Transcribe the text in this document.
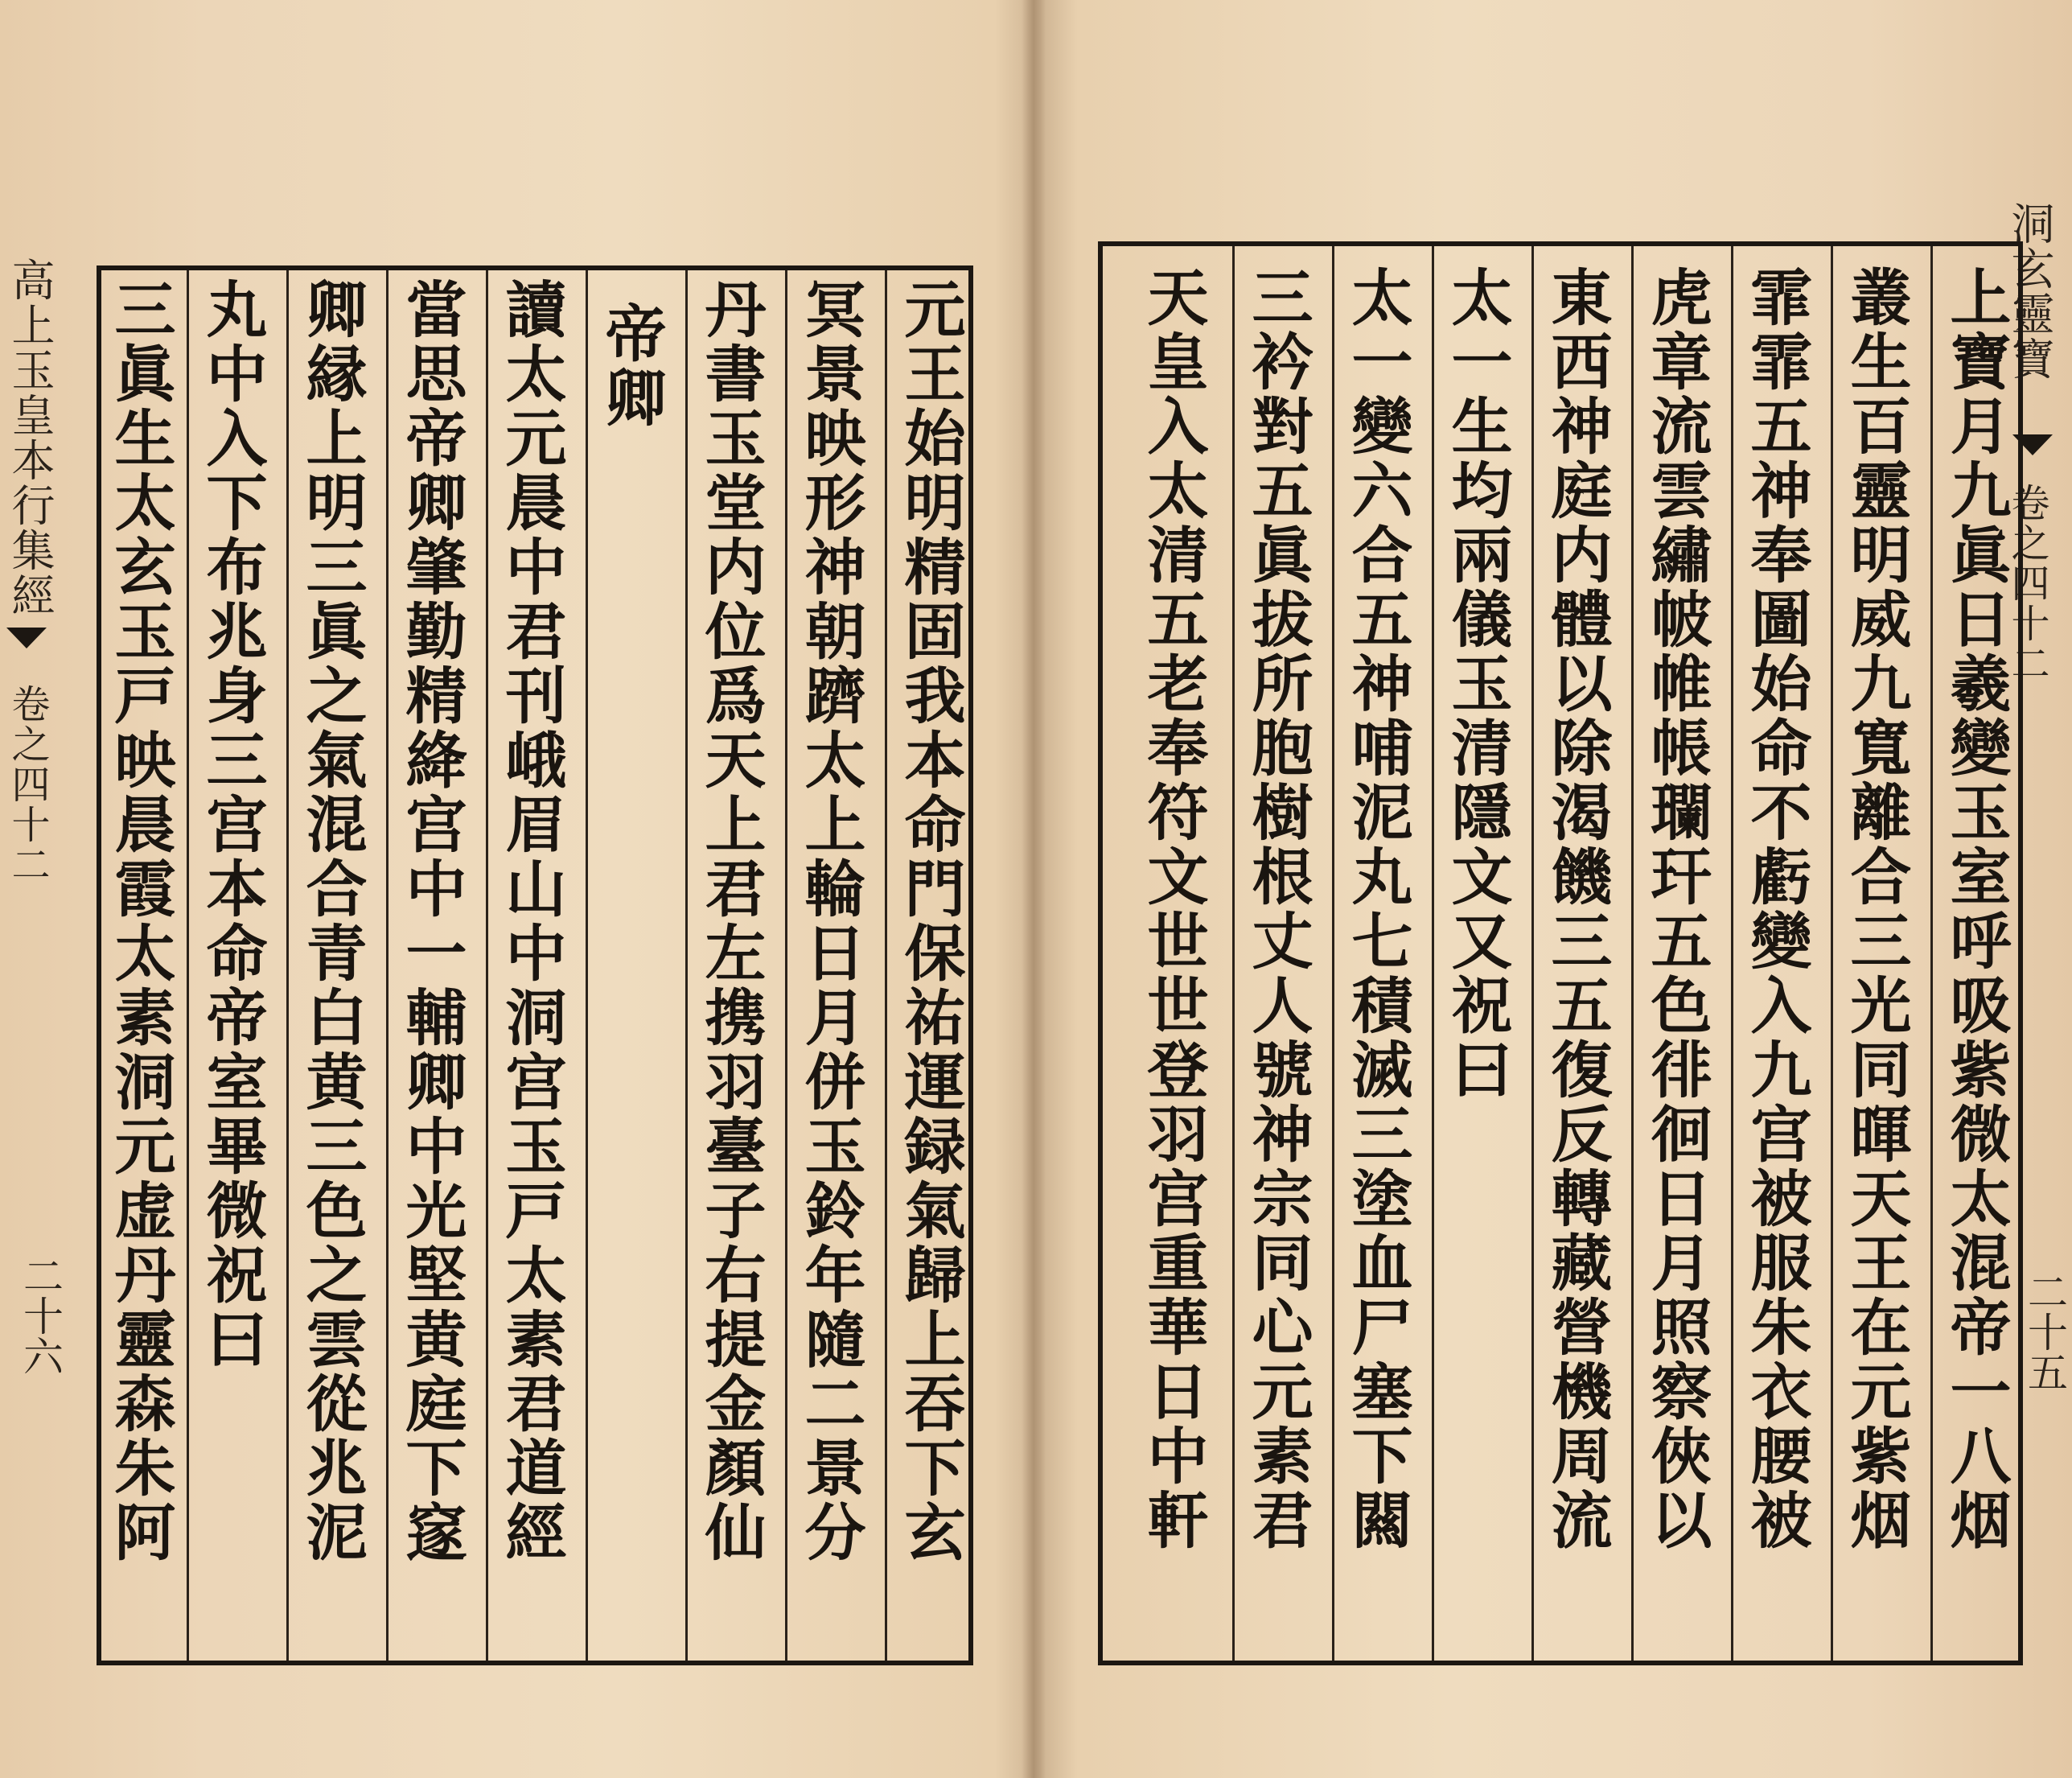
高上玉皇本行集經
卷之四十二
二十六	元王始明精固我本命門保祐運録氣歸上吞下玄
冥景映形神朝躋太上輪日月併玉鈴年隨二景分
丹書玉堂内位爲天上君左携羽臺子右提金顏仙
帝卿
讀太元晨中君刊峨眉山中洞宫玉戸太素君道經
當思帝卿肇勤精絳宫中一輔卿中光堅黄庭下䆳
卿縁上明三眞之氣混合青白黄三色之雲從兆泥
丸中入下布兆身三宫本命帝室畢微祝曰
三眞生太玄玉戸映晨霞太素洞元虚丹靈森朱阿	洞玄靈寶
卷之四十二
二十五
上寶月九眞日羲變玉室呼吸紫微太混帝一八烟
叢生百靈明威九寬離合三光同暉天王在元紫烟
霏霏五神奉圖始命不虧變入九宫被服朱衣腰被
虎章流雲繡帔帷帳瓓玕五色徘徊日月照察俠以
東西神庭内體以除渴饑三五復反轉藏營機周流
太一生均兩儀玉清隱文又祝曰
太一變六合五神哺泥丸七積滅三塗血尸塞下闗
三衿對五眞拔所胞樹根丈人號神宗同心元素君
天皇入太清五老奉符文世世登羽宫重華日中軒
